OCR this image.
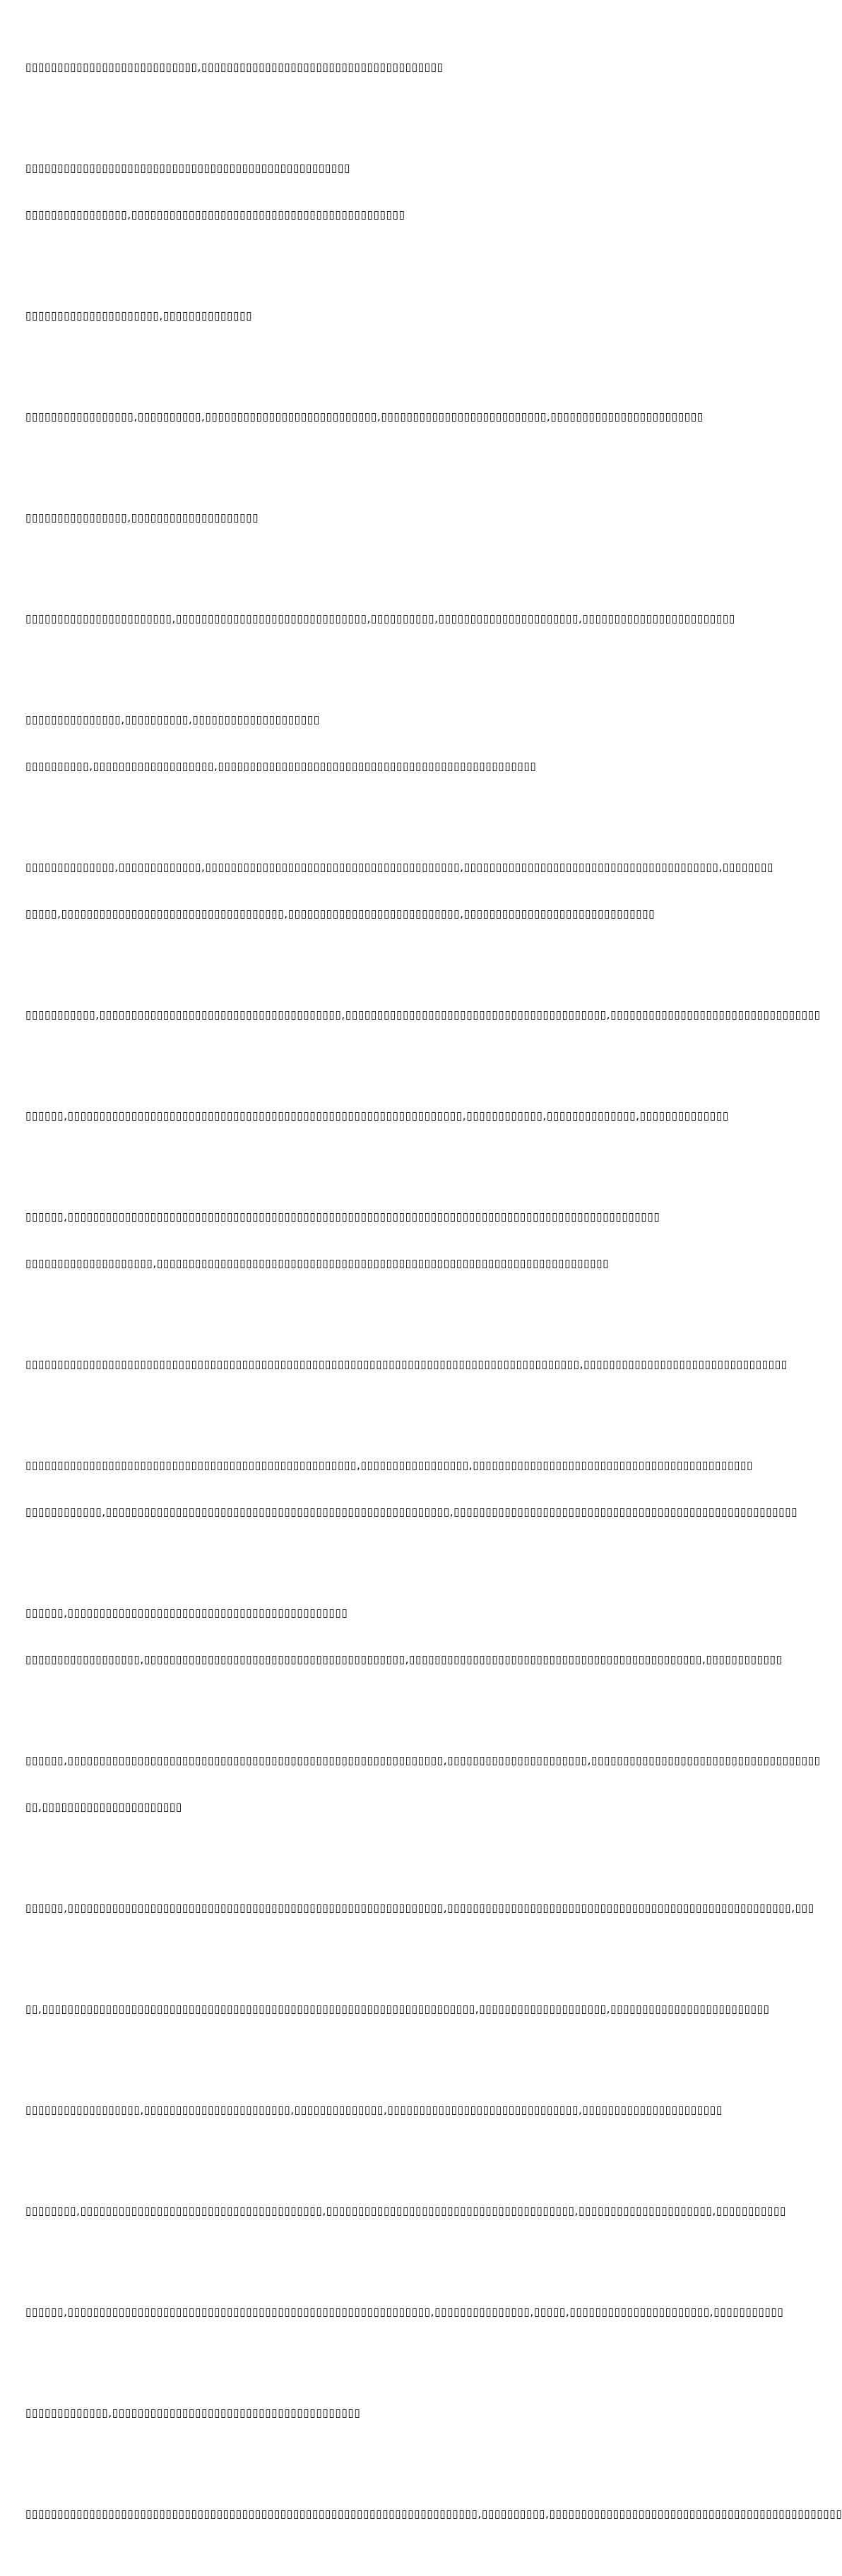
▯▯▯▯▯▯▯▯▯▯▯▯▯▯▯▯▯▯▯▯▯▯▯▯▯▯▯,▯▯▯▯▯▯▯▯▯▯▯▯▯▯▯▯▯▯▯▯▯▯▯▯▯▯▯▯▯▯▯▯▯▯▯▯▯▯

▯▯▯▯▯▯▯▯▯▯▯▯▯▯▯▯▯▯▯▯▯▯▯▯▯▯▯▯▯▯▯▯▯▯▯▯▯▯▯▯▯▯▯▯▯▯▯▯▯▯▯

▯▯▯▯▯▯▯▯▯▯▯▯▯▯▯▯,▯▯▯▯▯▯▯▯▯▯▯▯▯▯▯▯▯▯▯▯▯▯▯▯▯▯▯▯▯▯▯▯▯▯▯▯▯▯▯▯▯▯▯

▯▯▯▯▯▯▯▯▯▯▯▯▯▯▯▯▯▯▯▯▯,▯▯▯▯▯▯▯▯▯▯▯▯▯▯

▯▯▯▯▯▯▯▯▯▯▯▯▯▯▯▯▯,▯▯▯▯▯▯▯▯▯▯,▯▯▯▯▯▯▯▯▯▯▯▯▯▯▯▯▯▯▯▯▯▯▯▯▯▯▯,▯▯▯▯▯▯▯▯▯▯▯▯▯▯▯▯▯▯▯▯▯▯▯▯▯▯,▯▯▯▯▯▯▯▯▯▯▯▯▯▯▯▯▯▯▯▯▯▯▯▯

▯▯▯▯▯▯▯▯▯▯▯▯▯▯▯▯,▯▯▯▯▯▯▯▯▯▯▯▯▯▯▯▯▯▯▯▯

▯▯▯▯▯▯▯▯▯▯▯▯▯▯▯▯▯▯▯▯▯▯▯,▯▯▯▯▯▯▯▯▯▯▯▯▯▯▯▯▯▯▯▯▯▯▯▯▯▯▯▯▯▯,▯▯▯▯▯▯▯▯▯▯,▯▯▯▯▯▯▯▯▯▯▯▯▯▯▯▯▯▯▯▯▯▯,▯▯▯▯▯▯▯▯▯▯▯▯▯▯▯▯▯▯▯▯▯▯▯▯

▯▯▯▯▯▯▯▯▯▯▯▯▯▯▯,▯▯▯▯▯▯▯▯▯▯,▯▯▯▯▯▯▯▯▯▯▯▯▯▯▯▯▯▯▯▯

▯▯▯▯▯▯▯▯▯▯,▯▯▯▯▯▯▯▯▯▯▯▯▯▯▯▯▯▯▯,▯▯▯▯▯▯▯▯▯▯▯▯▯▯▯▯▯▯▯▯▯▯▯▯▯▯▯▯▯▯▯▯▯▯▯▯▯▯▯▯▯▯▯▯▯▯▯▯▯▯

▯▯▯▯▯▯▯▯▯▯▯▯▯▯,▯▯▯▯▯▯▯▯▯▯▯▯▯,▯▯▯▯▯▯▯▯▯▯▯▯▯▯▯▯▯▯▯▯▯▯▯▯▯▯▯▯▯▯▯▯▯▯▯▯▯▯▯▯,▯▯▯▯▯▯▯▯▯▯▯▯▯▯▯▯▯▯▯▯▯▯▯▯▯▯▯▯▯▯▯▯▯▯▯▯▯▯▯▯,▯▯▯▯▯▯▯▯

▯▯▯▯▯,▯▯▯▯▯▯▯▯▯▯▯▯▯▯▯▯▯▯▯▯▯▯▯▯▯▯▯▯▯▯▯▯▯▯▯,▯▯▯▯▯▯▯▯▯▯▯▯▯▯▯▯▯▯▯▯▯▯▯▯▯▯▯,▯▯▯▯▯▯▯▯▯▯▯▯▯▯▯▯▯▯▯▯▯▯▯▯▯▯▯▯▯▯

▯▯▯▯▯▯▯▯▯▯▯,▯▯▯▯▯▯▯▯▯▯▯▯▯▯▯▯▯▯▯▯▯▯▯▯▯▯▯▯▯▯▯▯▯▯▯▯▯▯,▯▯▯▯▯▯▯▯▯▯▯▯▯▯▯▯▯▯▯▯▯▯▯▯▯▯▯▯▯▯▯▯▯▯▯▯▯▯▯▯▯,▯▯▯▯▯▯▯▯▯▯▯▯▯▯▯▯▯▯▯▯▯▯▯▯▯▯▯▯▯▯▯▯▯

▯▯▯▯▯▯,▯▯▯▯▯▯▯▯▯▯▯▯▯▯▯▯▯▯▯▯▯▯▯▯▯▯▯▯▯▯▯▯▯▯▯▯▯▯▯▯▯▯▯▯▯▯▯▯▯▯▯▯▯▯▯▯▯▯▯▯▯▯,▯▯▯▯▯▯▯▯▯▯▯▯,▯▯▯▯▯▯▯▯▯▯▯▯▯▯,▯▯▯▯▯▯▯▯▯▯▯▯▯▯

▯▯▯▯▯▯,▯▯▯▯▯▯▯▯▯▯▯▯▯▯▯▯▯▯▯▯▯▯▯▯▯▯▯▯▯▯▯▯▯▯▯▯▯▯▯▯▯▯▯▯▯▯▯▯▯▯▯▯▯▯▯▯▯▯▯▯▯▯▯▯▯▯▯▯▯▯▯▯▯▯▯▯▯▯▯▯▯▯▯▯▯▯▯▯▯▯▯▯▯

▯▯▯▯▯▯▯▯▯▯▯▯▯▯▯▯▯▯▯▯,▯▯▯▯▯▯▯▯▯▯▯▯▯▯▯▯▯▯▯▯▯▯▯▯▯▯▯▯▯▯▯▯▯▯▯▯▯▯▯▯▯▯▯▯▯▯▯▯▯▯▯▯▯▯▯▯▯▯▯▯▯▯▯▯▯▯▯▯▯▯▯

▯▯▯▯▯▯▯▯▯▯▯▯▯▯▯▯▯▯▯▯▯▯▯▯▯▯▯▯▯▯▯▯▯▯▯▯▯▯▯▯▯▯▯▯▯▯▯▯▯▯▯▯▯▯▯▯▯▯▯▯▯▯▯▯▯▯▯▯▯▯▯▯▯▯▯▯▯▯▯▯▯▯▯▯▯▯▯,▯▯▯▯▯▯▯▯▯▯▯▯▯▯▯▯▯▯▯▯▯▯▯▯▯▯▯▯▯▯▯▯

▯▯▯▯▯▯▯▯▯▯▯▯▯▯▯▯▯▯▯▯▯▯▯▯▯▯▯▯▯▯▯▯▯▯▯▯▯▯▯▯▯▯▯▯▯▯▯▯▯▯▯▯,▯▯▯▯▯▯▯▯▯▯▯▯▯▯▯▯▯,▯▯▯▯▯▯▯▯▯▯▯▯▯▯▯▯▯▯▯▯▯▯▯▯▯▯▯▯▯▯▯▯▯▯▯▯▯▯▯▯▯▯▯▯

▯▯▯▯▯▯▯▯▯▯▯▯,▯▯▯▯▯▯▯▯▯▯▯▯▯▯▯▯▯▯▯▯▯▯▯▯▯▯▯▯▯▯▯▯▯▯▯▯▯▯▯▯▯▯▯▯▯▯▯▯▯▯▯▯▯▯,▯▯▯▯▯▯▯▯▯▯▯▯▯▯▯▯▯▯▯▯▯▯▯▯▯▯▯▯▯▯▯▯▯▯▯▯▯▯▯▯▯▯▯▯▯▯▯▯▯▯▯▯▯▯

▯▯▯▯▯▯,▯▯▯▯▯▯▯▯▯▯▯▯▯▯▯▯▯▯▯▯▯▯▯▯▯▯▯▯▯▯▯▯▯▯▯▯▯▯▯▯▯▯▯▯

▯▯▯▯▯▯▯▯▯▯▯▯▯▯▯▯▯▯,▯▯▯▯▯▯▯▯▯▯▯▯▯▯▯▯▯▯▯▯▯▯▯▯▯▯▯▯▯▯▯▯▯▯▯▯▯▯▯▯▯,▯▯▯▯▯▯▯▯▯▯▯▯▯▯▯▯▯▯▯▯▯▯▯▯▯▯▯▯▯▯▯▯▯▯▯▯▯▯▯▯▯▯▯▯▯▯,▯▯▯▯▯▯▯▯▯▯▯▯

▯▯▯▯▯▯,▯▯▯▯▯▯▯▯▯▯▯▯▯▯▯▯▯▯▯▯▯▯▯▯▯▯▯▯▯▯▯▯▯▯▯▯▯▯▯▯▯▯▯▯▯▯▯▯▯▯▯▯▯▯▯▯▯▯▯,▯▯▯▯▯▯▯▯▯▯▯▯▯▯▯▯▯▯▯▯▯▯,▯▯▯▯▯▯▯▯▯▯▯▯▯▯▯▯▯▯▯▯▯▯▯▯▯▯▯▯▯▯▯▯▯▯▯▯

▯▯,▯▯▯▯▯▯▯▯▯▯▯▯▯▯▯▯▯▯▯▯▯▯

▯▯▯▯▯▯,▯▯▯▯▯▯▯▯▯▯▯▯▯▯▯▯▯▯▯▯▯▯▯▯▯▯▯▯▯▯▯▯▯▯▯▯▯▯▯▯▯▯▯▯▯▯▯▯▯▯▯▯▯▯▯▯▯▯▯,▯▯▯▯▯▯▯▯▯▯▯▯▯▯▯▯▯▯▯▯▯▯▯▯▯▯▯▯▯▯▯▯▯▯▯▯▯▯▯▯▯▯▯▯▯▯▯▯▯▯▯▯▯▯,▯▯▯

▯▯,▯▯▯▯▯▯▯▯▯▯▯▯▯▯▯▯▯▯▯▯▯▯▯▯▯▯▯▯▯▯▯▯▯▯▯▯▯▯▯▯▯▯▯▯▯▯▯▯▯▯▯▯▯▯▯▯▯▯▯▯▯▯▯▯▯▯▯▯,▯▯▯▯▯▯▯▯▯▯▯▯▯▯▯▯▯▯▯▯,▯▯▯▯▯▯▯▯▯▯▯▯▯▯▯▯▯▯▯▯▯▯▯▯▯

▯▯▯▯▯▯▯▯▯▯▯▯▯▯▯▯▯▯,▯▯▯▯▯▯▯▯▯▯▯▯▯▯▯▯▯▯▯▯▯▯▯,▯▯▯▯▯▯▯▯▯▯▯▯▯▯,▯▯▯▯▯▯▯▯▯▯▯▯▯▯▯▯▯▯▯▯▯▯▯▯▯▯▯▯▯▯,▯▯▯▯▯▯▯▯▯▯▯▯▯▯▯▯▯▯▯▯▯▯

▯▯▯▯▯▯▯▯,▯▯▯▯▯▯▯▯▯▯▯▯▯▯▯▯▯▯▯▯▯▯▯▯▯▯▯▯▯▯▯▯▯▯▯▯▯▯,▯▯▯▯▯▯▯▯▯▯▯▯▯▯▯▯▯▯▯▯▯▯▯▯▯▯▯▯▯▯▯▯▯▯▯▯▯▯▯,▯▯▯▯▯▯▯▯▯▯▯▯▯▯▯▯▯▯▯▯▯,▯▯▯▯▯▯▯▯▯▯▯

▯▯▯▯▯▯,▯▯▯▯▯▯▯▯▯▯▯▯▯▯▯▯▯▯▯▯▯▯▯▯▯▯▯▯▯▯▯▯▯▯▯▯▯▯▯▯▯▯▯▯▯▯▯▯▯▯▯▯▯▯▯▯▯,▯▯▯▯▯▯▯▯▯▯▯▯▯▯▯,▯▯▯▯▯,▯▯▯▯▯▯▯▯▯▯▯▯▯▯▯▯▯▯▯▯▯▯,▯▯▯▯▯▯▯▯▯▯▯

▯▯▯▯▯▯▯▯▯▯▯▯▯,▯▯▯▯▯▯▯▯▯▯▯▯▯▯▯▯▯▯▯▯▯▯▯▯▯▯▯▯▯▯▯▯▯▯▯▯▯▯▯

▯▯▯▯▯▯▯▯▯▯▯▯▯▯▯▯▯▯▯▯▯▯▯▯▯▯▯▯▯▯▯▯▯▯▯▯▯▯▯▯▯▯▯▯▯▯▯▯▯▯▯▯▯▯▯▯▯▯▯▯▯▯▯▯▯▯▯▯▯▯▯,▯▯▯▯▯▯▯▯▯▯,▯▯▯▯▯▯▯▯▯▯▯▯▯▯▯▯▯▯▯▯▯▯▯▯▯▯▯▯▯▯▯▯▯▯▯▯▯▯▯▯▯▯▯▯▯▯
